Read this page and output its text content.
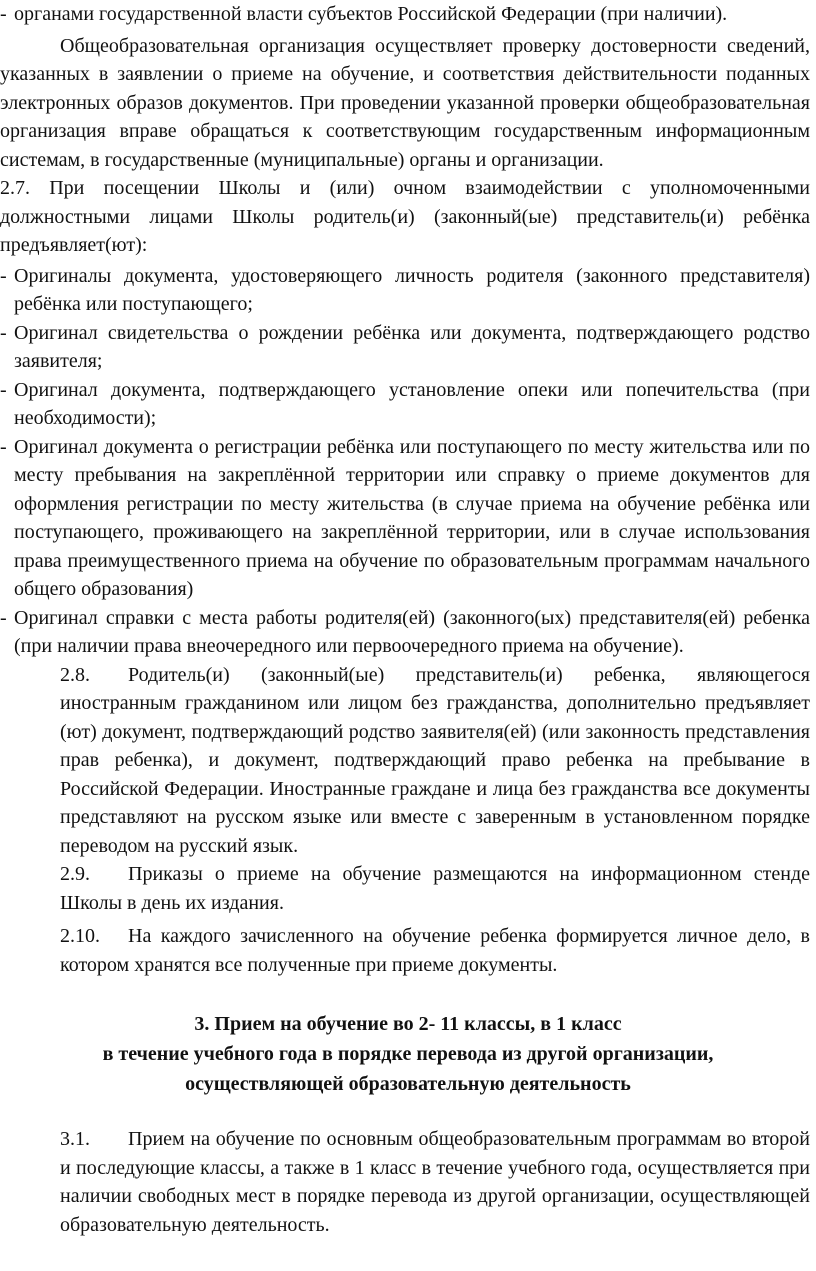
- органами государственной власти субъектов Российской Федерации (при наличии).

Общеобразовательная организация осуществляет проверку достоверности сведений, указанных в заявлении о приеме на обучение, и соответствия действительности поданных электронных образов документов. При проведении указанной проверки общеобразовательная организация вправе обращаться к соответствующим государственным информационным системам, в государственные (муниципальные) органы и организации.

2.7. При посещении Школы и (или) очном взаимодействии с уполномоченными должностными лицами Школы родитель(и) (законный(ые) представитель(и) ребёнка предъявляет(ют):

- Оригиналы документа, удостоверяющего личность родителя (законного представителя) ребёнка или поступающего;

- Оригинал свидетельства о рождении ребёнка или документа, подтверждающего родство заявителя;

- Оригинал документа, подтверждающего установление опеки или попечительства (при необходимости);

- Оригинал документа о регистрации ребёнка или поступающего по месту жительства или по месту пребывания на закреплённой территории или справку о приеме документов для оформления регистрации по месту жительства (в случае приема на обучение ребёнка или поступающего, проживающего на закреплённой территории, или в случае использования права преимущественного приема на обучение по образовательным программам начального общего образования)

- Оригинал справки с места работы родителя(ей) (законного(ых) представителя(ей) ребенка (при наличии права внеочередного или первоочередного приема на обучение).

2.8. Родитель(и) (законный(ые) представитель(и) ребенка, являющегося иностранным гражданином или лицом без гражданства, дополнительно предъявляет (ют) документ, подтверждающий родство заявителя(ей) (или законность представления прав ребенка), и документ, подтверждающий право ребенка на пребывание в Российской Федерации. Иностранные граждане и лица без гражданства все документы представляют на русском языке или вместе с заверенным в установленном порядке переводом на русский язык.

2.9. Приказы о приеме на обучение размещаются на информационном стенде Школы в день их издания.

2.10. На каждого зачисленного на обучение ребенка формируется личное дело, в котором хранятся все полученные при приеме документы.

3. Прием на обучение во 2- 11 классы, в 1 класс
в течение учебного года в порядке перевода из другой организации,
осуществляющей образовательную деятельность

3.1. Прием на обучение по основным общеобразовательным программам во второй и последующие классы, а также в 1 класс в течение учебного года, осуществляется при наличии свободных мест в порядке перевода из другой организации, осуществляющей образовательную деятельность.
